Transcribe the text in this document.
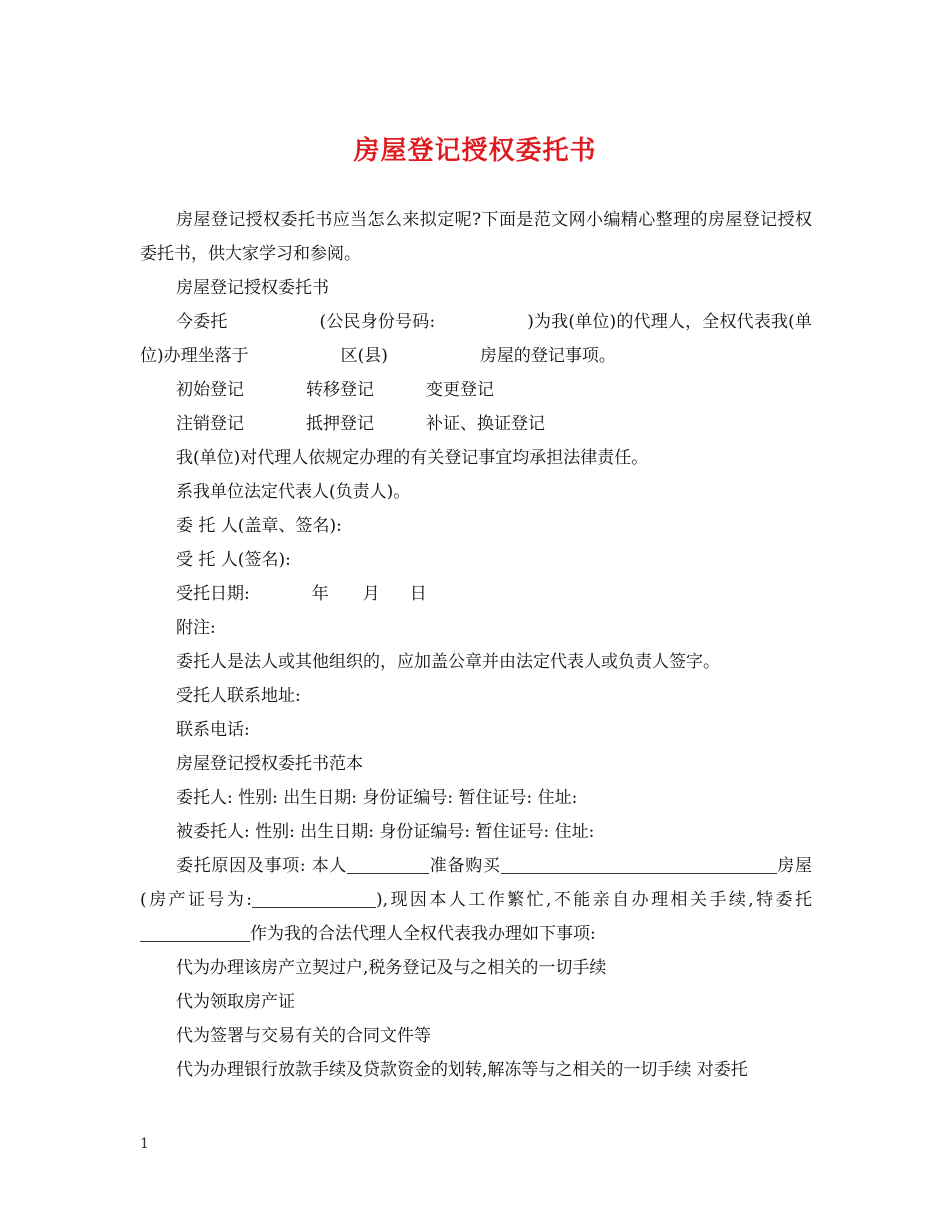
房屋登记授权委托书
房屋登记授权委托书应当怎么来拟定呢?下面是范文网小编精心整理的房屋登记授权委托书，供大家学习和参阅。
房屋登记授权委托书
今委托	(公民身份号码:	)为我(单位)的代理人，全权代表我(单位)办理坐落于	区(县)	房屋的登记事项。
初始登记	转移登记	变更登记
注销登记	抵押登记	补证、换证登记
我(单位)对代理人依规定办理的有关登记事宜均承担法律责任。
系我单位法定代表人(负责人)。
委 托 人(盖章、签名):
受 托 人(签名):
受托日期:	年 月 日
附注:
委托人是法人或其他组织的，应加盖公章并由法定代表人或负责人签字。
受托人联系地址:
联系电话:
房屋登记授权委托书范本
委托人: 性别: 出生日期: 身份证编号: 暂住证号: 住址:
被委托人: 性别: 出生日期: 身份证编号: 暂住证号: 住址:
委托原因及事项: 本人	准备购买	房屋(房产证号为:	),现因本人工作繁忙,不能亲自办理相关手续,特委托作为我的合法代理人全权代表我办理如下事项:
代为办理该房产立契过户,税务登记及与之相关的一切手续
代为领取房产证
代为签署与交易有关的合同文件等
代为办理银行放款手续及贷款资金的划转,解冻等与之相关的一切手续 对委托
1
